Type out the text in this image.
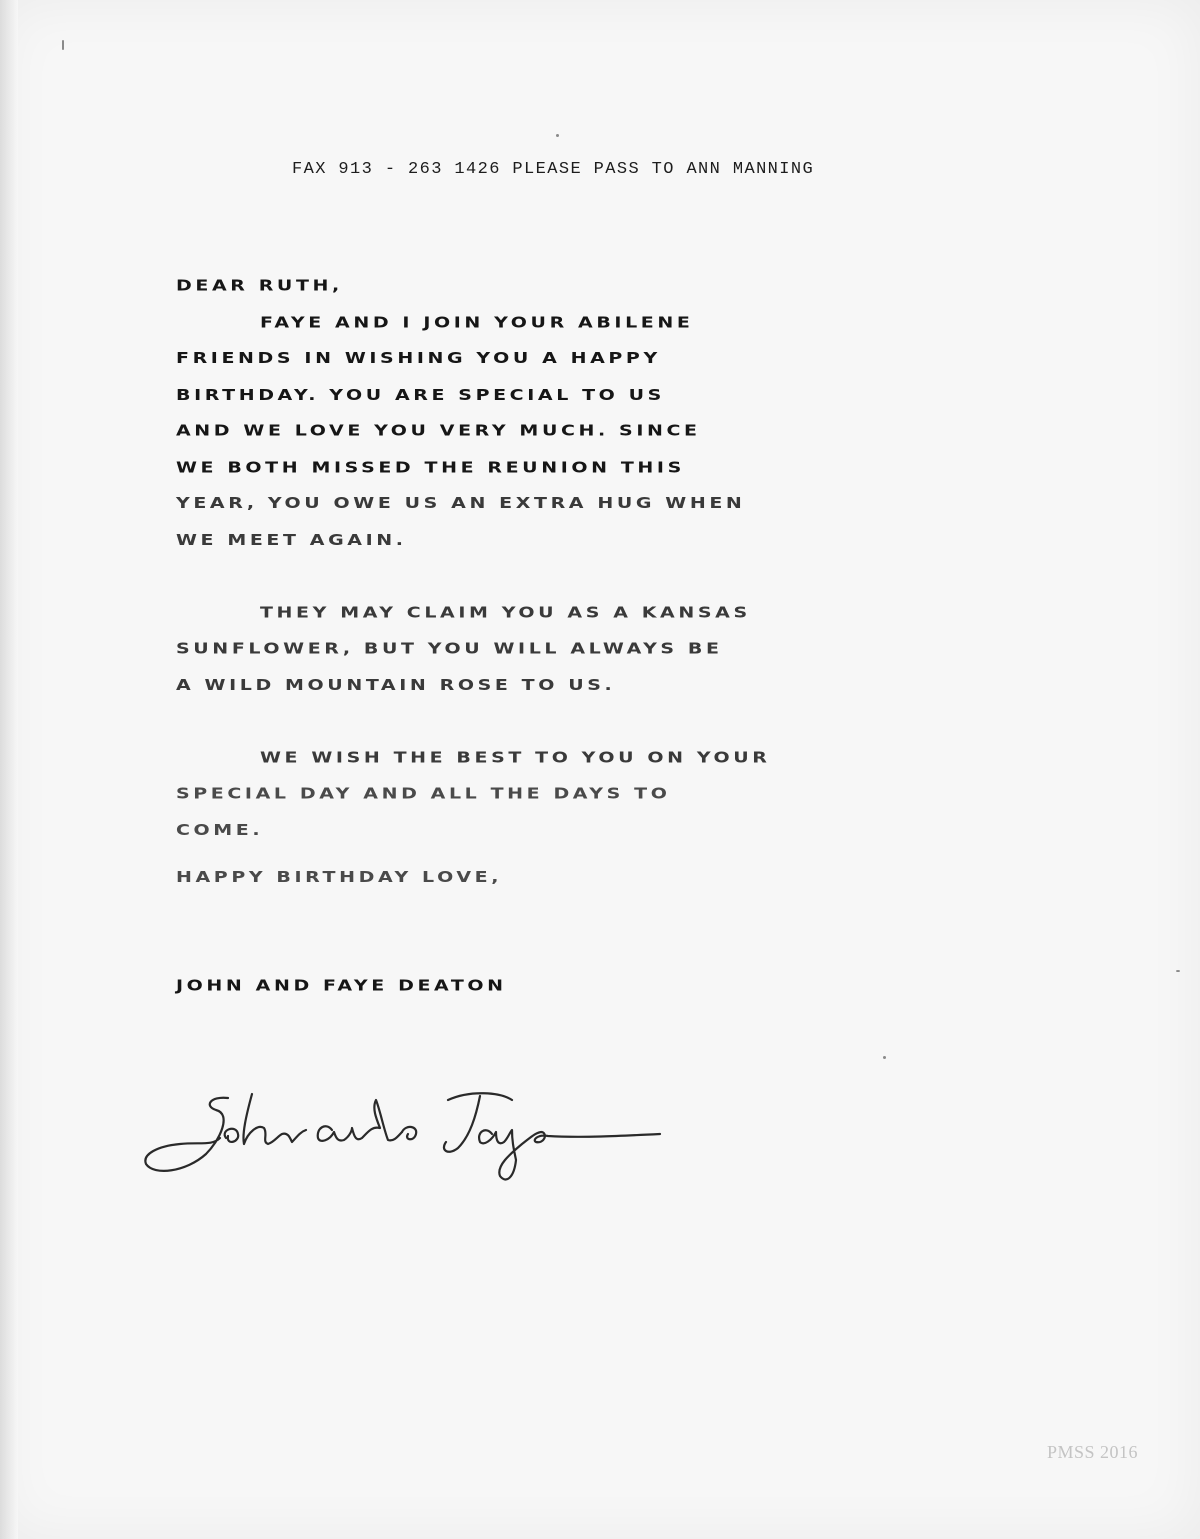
FAX 913 - 263 1426 PLEASE PASS TO ANN MANNING
DEAR RUTH,
FAYE AND I JOIN YOUR ABILENE
FRIENDS IN WISHING YOU A HAPPY
BIRTHDAY. YOU ARE SPECIAL TO US
AND WE LOVE YOU VERY MUCH. SINCE
WE BOTH MISSED THE REUNION THIS
YEAR, YOU OWE US AN EXTRA HUG WHEN
WE MEET AGAIN.
THEY MAY CLAIM YOU AS A KANSAS
SUNFLOWER, BUT YOU WILL ALWAYS BE
A WILD MOUNTAIN ROSE TO US.
WE WISH THE BEST TO YOU ON YOUR
SPECIAL DAY AND ALL THE DAYS TO
COME.
HAPPY BIRTHDAY LOVE,
JOHN AND FAYE DEATON
PMSS 2016
